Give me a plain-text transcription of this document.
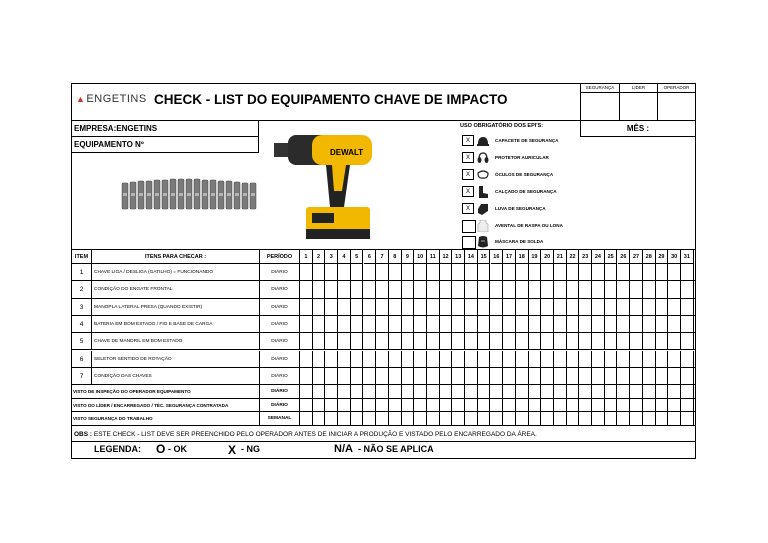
▲ENGETINS CHECK - LIST DO EQUIPAMENTO CHAVE DE IMPACTO
SEGURANÇA	LIDER	OPERADOR
EMPRESA:ENGETINS
EQUIPAMENTO Nº
DEWALT
USO OBRIGATÓRIO DOS EPI'S:
X	CAPACETE DE SEGURANÇA
X	PROTETOR AURICULAR
X	ÓCULOS DE SEGURANÇA
X	CALÇADO DE SEGURANÇA
X	LUVA DE SEGURANÇA
AVENTAL DE RASPA OU LONA
MÁSCARA DE SOLDA
MÊS :
ITEM	ITENS PARA CHECAR :	PERÍODO	1	2	3	4	5	6	7	8	9	10	11	12	13	14	15	16	17	18	19	20	21	22	23	24	25	26	27	28	29	30	31
1	CHAVE LIGA / DESLIGA (GATILHO) = FUNCIONANDO	DIÁRIO
2	CONDIÇÃO DO ENGATE FRONTAL	DIÁRIO
3	MANOPLA LATERAL PRESA (QUANDO EXISTIR)	DIÁRIO
4	BATERIA EM BOM ESTADO / FIO E BASE DE CARGA	DIÁRIO
5	CHAVE DE MANDRIL EM BOM ESTADO	DIÁRIO
6	SELETOR SENTIDO DE ROTAÇÃO	DIÁRIO
7	CONDIÇÃO DAS CHAVES	DIÁRIO
VISTO DE INSPEÇÃO DO OPERADOR EQUIPAMENTO	DIÁRIO
VISTO DO LÍDER / ENCARREGADO / TÉC. SEGURANÇA CONTRATADA	DIÁRIO
VISTO SEGURANÇA DO TRABALHO	SEMANAL
OBS : ESTE CHECK - LIST DEVE SER PREENCHIDO PELO OPERADOR ANTES DE INICIAR A PRODUÇÃO E VISTADO PELO ENCARREGADO DA ÁREA.
LEGENDA: O - OK	X - NG	N/A - NÃO SE APLICA
